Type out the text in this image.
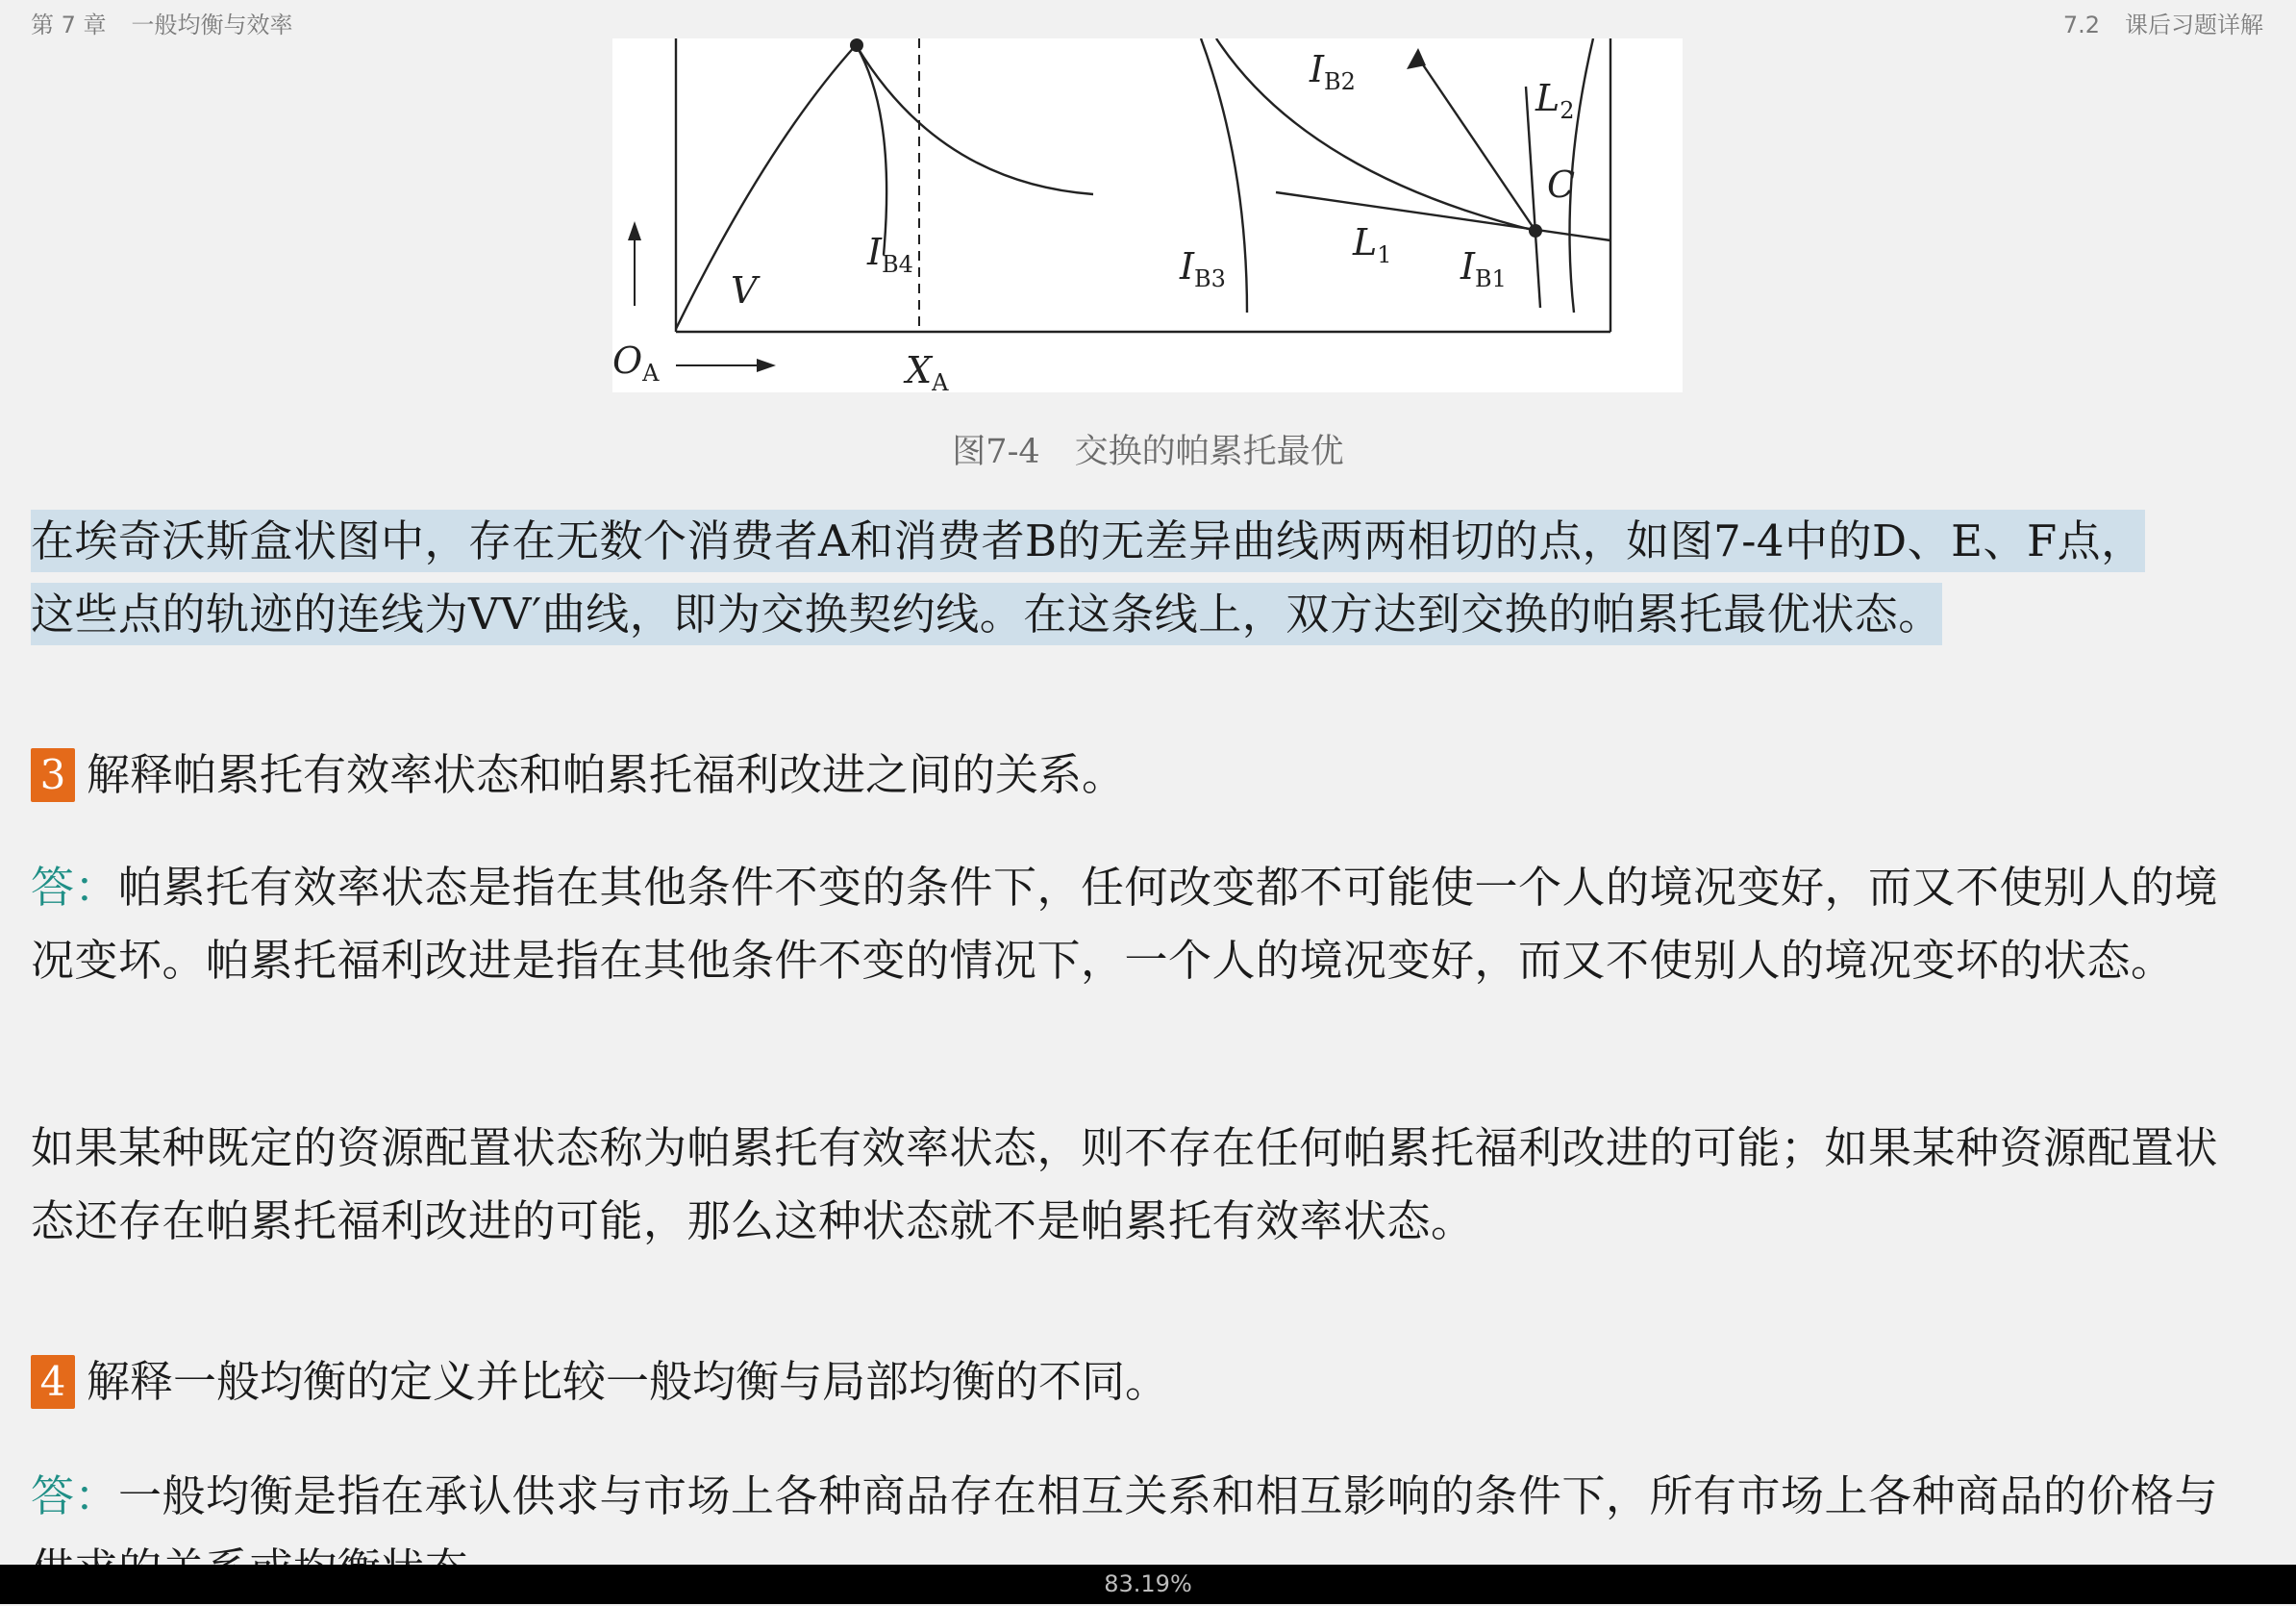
第 7 章 一般均衡与效率	7.2 课后习题详解
$O_A$	$X_A$
V
$I_{B4}$	$I_{B3}$
$I_{B2}$
$I_{B1}$
$L_1$
$L_2$
C
图7-4 交换的帕累托最优
在埃奇沃斯盒状图中，存在无数个消费者A和消费者B的无差异曲线两两相切的点，如图7-4中的D、E、F点，
这些点的轨迹的连线为VV′曲线，即为交换契约线。在这条线上，双方达到交换的帕累托最优状态。
3 解释帕累托有效率状态和帕累托福利改进之间的关系。
答：帕累托有效率状态是指在其他条件不变的条件下，任何改变都不可能使一个人的境况变好，而又不使别人的境况变坏。帕累托福利改进是指在其他条件不变的情况下，一个人的境况变好，而又不使别人的境况变坏的状态。
如果某种既定的资源配置状态称为帕累托有效率状态，则不存在任何帕累托福利改进的可能；如果某种资源配置状态还存在帕累托福利改进的可能，那么这种状态就不是帕累托有效率状态。
4 解释一般均衡的定义并比较一般均衡与局部均衡的不同。
答：一般均衡是指在承认供求与市场上各种商品存在相互关系和相互影响的条件下，所有市场上各种商品的价格与
83.19%
